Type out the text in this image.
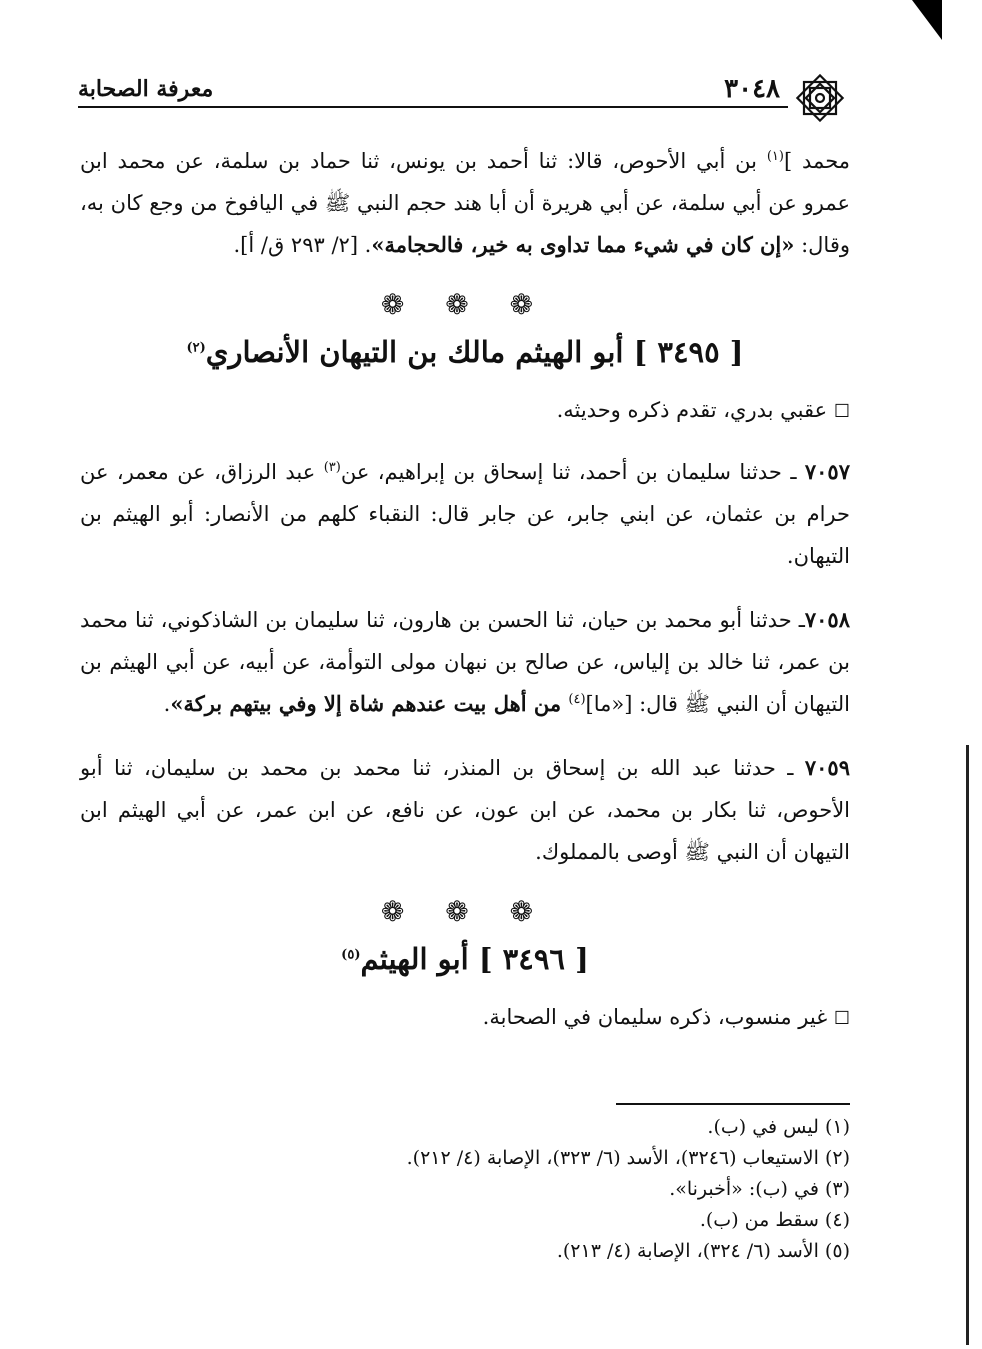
٣٠٤٨
معرفة الصحابة

محمد ]$^{(١)}$ بن أبي الأحوص، قالا: ثنا أحمد بن يونس، ثنا حماد بن سلمة، عن محمد ابن عمرو عن أبي سلمة، عن أبي هريرة أن أبا هند حجم النبي ﷺ في اليافوخ من وجع كان به، وقال: «إن كان في شيء مما تداوى به خير، فالحجامة». [٢/ ٢٩٣ ق/ أ].

❁ ❁ ❁
[ ٣٤٩٥ ] أبو الهيثم مالك بن التيهان الأنصاري$^{(٢)}$
☐ عقبي بدري، تقدم ذكره وحديثه.

٧٠٥٧ ـ حدثنا سليمان بن أحمد، ثنا إسحاق بن إبراهيم، عن$^{(٣)}$ عبد الرزاق، عن معمر، عن حرام بن عثمان، عن ابني جابر، عن جابر قال: النقباء كلهم من الأنصار: أبو الهيثم بن التيهان.

٧٠٥٨ـ حدثنا أبو محمد بن حيان، ثنا الحسن بن هارون، ثنا سليمان بن الشاذكوني، ثنا محمد بن عمر، ثنا خالد بن إلياس، عن صالح بن نبهان مولى التوأمة، عن أبيه، عن أبي الهيثم بن التيهان أن النبي ﷺ قال: [«ما]$^{(٤)}$ من أهل بيت عندهم شاة إلا وفي بيتهم بركة».

٧٠٥٩ ـ حدثنا عبد الله بن إسحاق بن المنذر، ثنا محمد بن محمد بن سليمان، ثنا أبو الأحوص، ثنا بكار بن محمد، عن ابن عون، عن نافع، عن ابن عمر، عن أبي الهيثم ابن التيهان أن النبي ﷺ أوصى بالمملوك.

❁ ❁ ❁
[ ٣٤٩٦ ] أبو الهيثم$^{(٥)}$
☐ غير منسوب، ذكره سليمان في الصحابة.
(١) ليس في (ب).
(٢) الاستيعاب (٣٢٤٦)، الأسد (٦/ ٣٢٣)، الإصابة (٤/ ٢١٢).
(٣) في (ب): «أخبرنا».
(٤) سقط من (ب).
(٥) الأسد (٦/ ٣٢٤)، الإصابة (٤/ ٢١٣).
